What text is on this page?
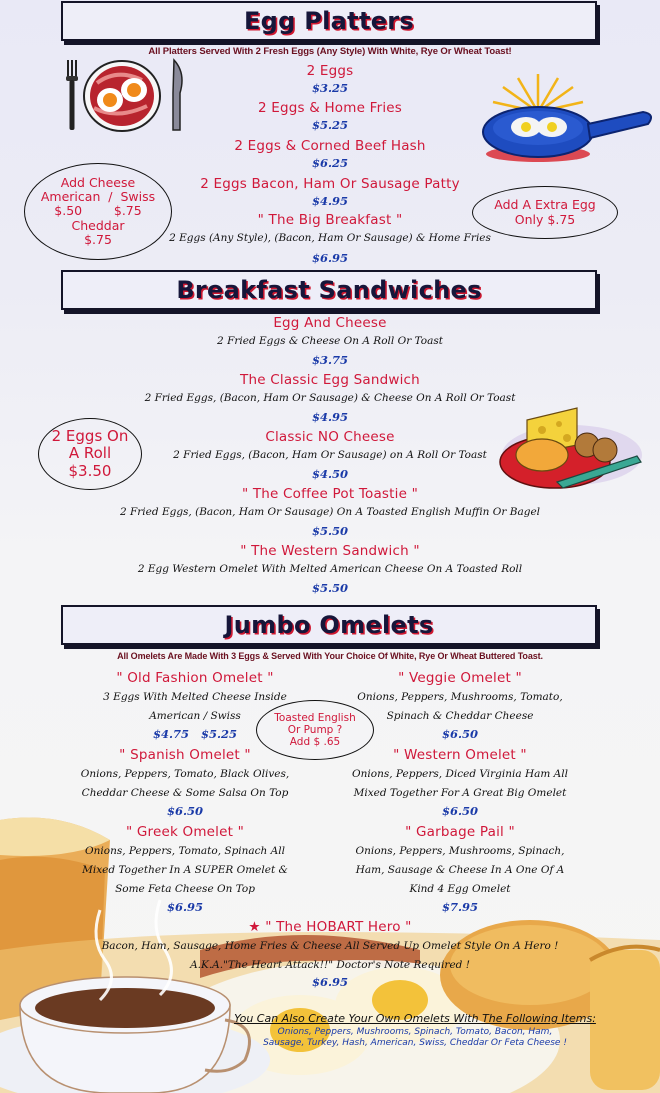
Egg Platters
All Platters Served With 2 Fresh Eggs (Any Style) With White, Rye Or Wheat Toast!
2 Eggs
$3.25
2 Eggs & Home Fries
$5.25
2 Eggs & Corned Beef Hash
$6.25
2 Eggs Bacon, Ham Or Sausage Patty
$4.95
" The Big Breakfast "
2 Eggs (Any Style), (Bacon, Ham Or Sausage) & Home Fries
$6.95
Add Cheese
American  /  Swiss
$.50        $.75
Cheddar
$.75
Add A Extra Egg
Only $.75
Breakfast Sandwiches
Egg And Cheese
2 Fried Eggs & Cheese On A Roll Or Toast
$3.75
The Classic Egg Sandwich
2 Fried Eggs, (Bacon, Ham Or Sausage) & Cheese On A Roll Or Toast
$4.95
Classic NO Cheese
2 Fried Eggs, (Bacon, Ham Or Sausage) on A Roll Or Toast
$4.50
" The Coffee Pot Toastie "
2 Fried Eggs, (Bacon, Ham Or Sausage) On A Toasted English Muffin Or Bagel
$5.50
" The Western Sandwich "
2 Egg Western Omelet With Melted American Cheese On A Toasted Roll
$5.50
2 Eggs On
A Roll
$3.50
Jumbo Omelets
All Omelets Are Made With 3 Eggs & Served With Your Choice Of White, Rye Or Wheat Buttered Toast.
" Old Fashion Omelet "
3 Eggs With Melted Cheese Inside
American / Swiss
$4.75   $5.25
" Spanish Omelet "
Onions, Peppers, Tomato, Black Olives,
Cheddar Cheese & Some Salsa On Top
$6.50
" Greek Omelet "
Onions, Peppers, Tomato, Spinach All
Mixed Together In A SUPER Omelet &
Some Feta Cheese On Top
$6.95
" Veggie Omelet "
Onions, Peppers, Mushrooms, Tomato,
Spinach & Cheddar Cheese
$6.50
" Western Omelet "
Onions, Peppers, Diced Virginia Ham All
Mixed Together For A Great Big Omelet
$6.50
" Garbage Pail "
Onions, Peppers, Mushrooms, Spinach,
Ham, Sausage & Cheese In A One Of A
Kind 4 Egg Omelet
$7.95
Toasted English
Or Pump ?
Add $ .65
★ " The HOBART Hero "
Bacon, Ham, Sausage, Home Fries & Cheese All Served Up Omelet Style On A Hero !
A.K.A."The Heart Attack!!" Doctor's Note Required !
$6.95
You Can Also Create Your Own Omelets With The Following Items:
Onions, Peppers, Mushrooms, Spinach, Tomato, Bacon, Ham,
Sausage, Turkey, Hash, American, Swiss, Cheddar Or Feta Cheese !
